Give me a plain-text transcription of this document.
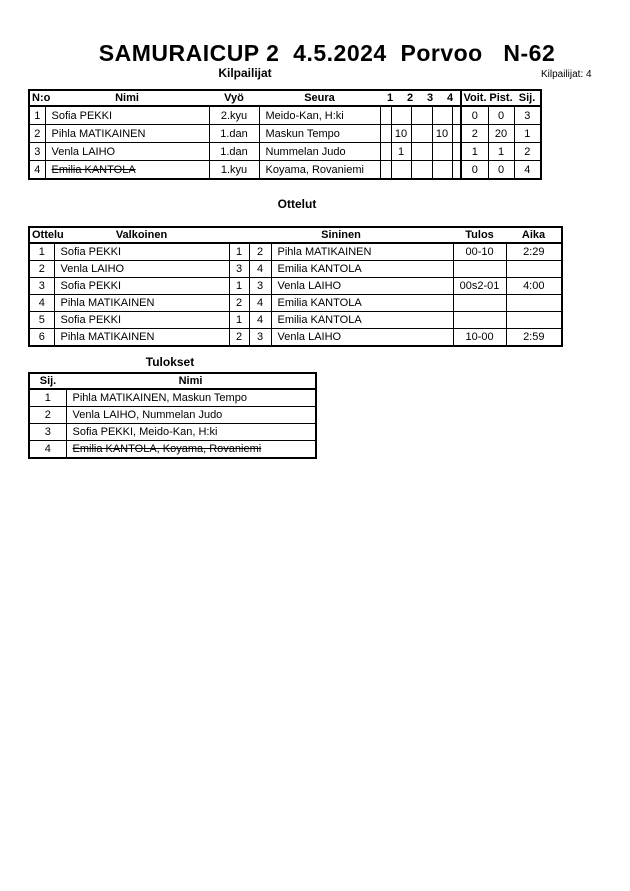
SAMURAICUP 2  4.5.2024  Porvoo   N-62
Kilpailijat	Kilpailijat: 4
N:o	Nimi	Vyö	Seura	1 2 3 4					Voit.	Pist.	Sij.
1	Sofia PEKKI	2.kyu	Meido-Kan, H:ki						0	0	3
2	Pihla MATIKAINEN	1.dan	Maskun Tempo		10		10		2	20	1
3	Venla LAIHO	1.dan	Nummelan Judo		1				1	1	2
4	Emilia KANTOLA	1.kyu	Koyama, Rovaniemi						0	0	4
Ottelut
Ottelu	Valkoinen	Sininen			Tulos	Aika
1	Sofia PEKKI	1	2	Pihla MATIKAINEN	00-10	2:29
2	Venla LAIHO	3	4	Emilia KANTOLA		
3	Sofia PEKKI	1	3	Venla LAIHO	00s2-01	4:00
4	Pihla MATIKAINEN	2	4	Emilia KANTOLA		
5	Sofia PEKKI	1	4	Emilia KANTOLA		
6	Pihla MATIKAINEN	2	3	Venla LAIHO	10-00	2:59
Tulokset
Sij.	Nimi
1	Pihla MATIKAINEN, Maskun Tempo
2	Venla LAIHO, Nummelan Judo
3	Sofia PEKKI, Meido-Kan, H:ki
4	Emilia KANTOLA, Koyama, Rovaniemi
